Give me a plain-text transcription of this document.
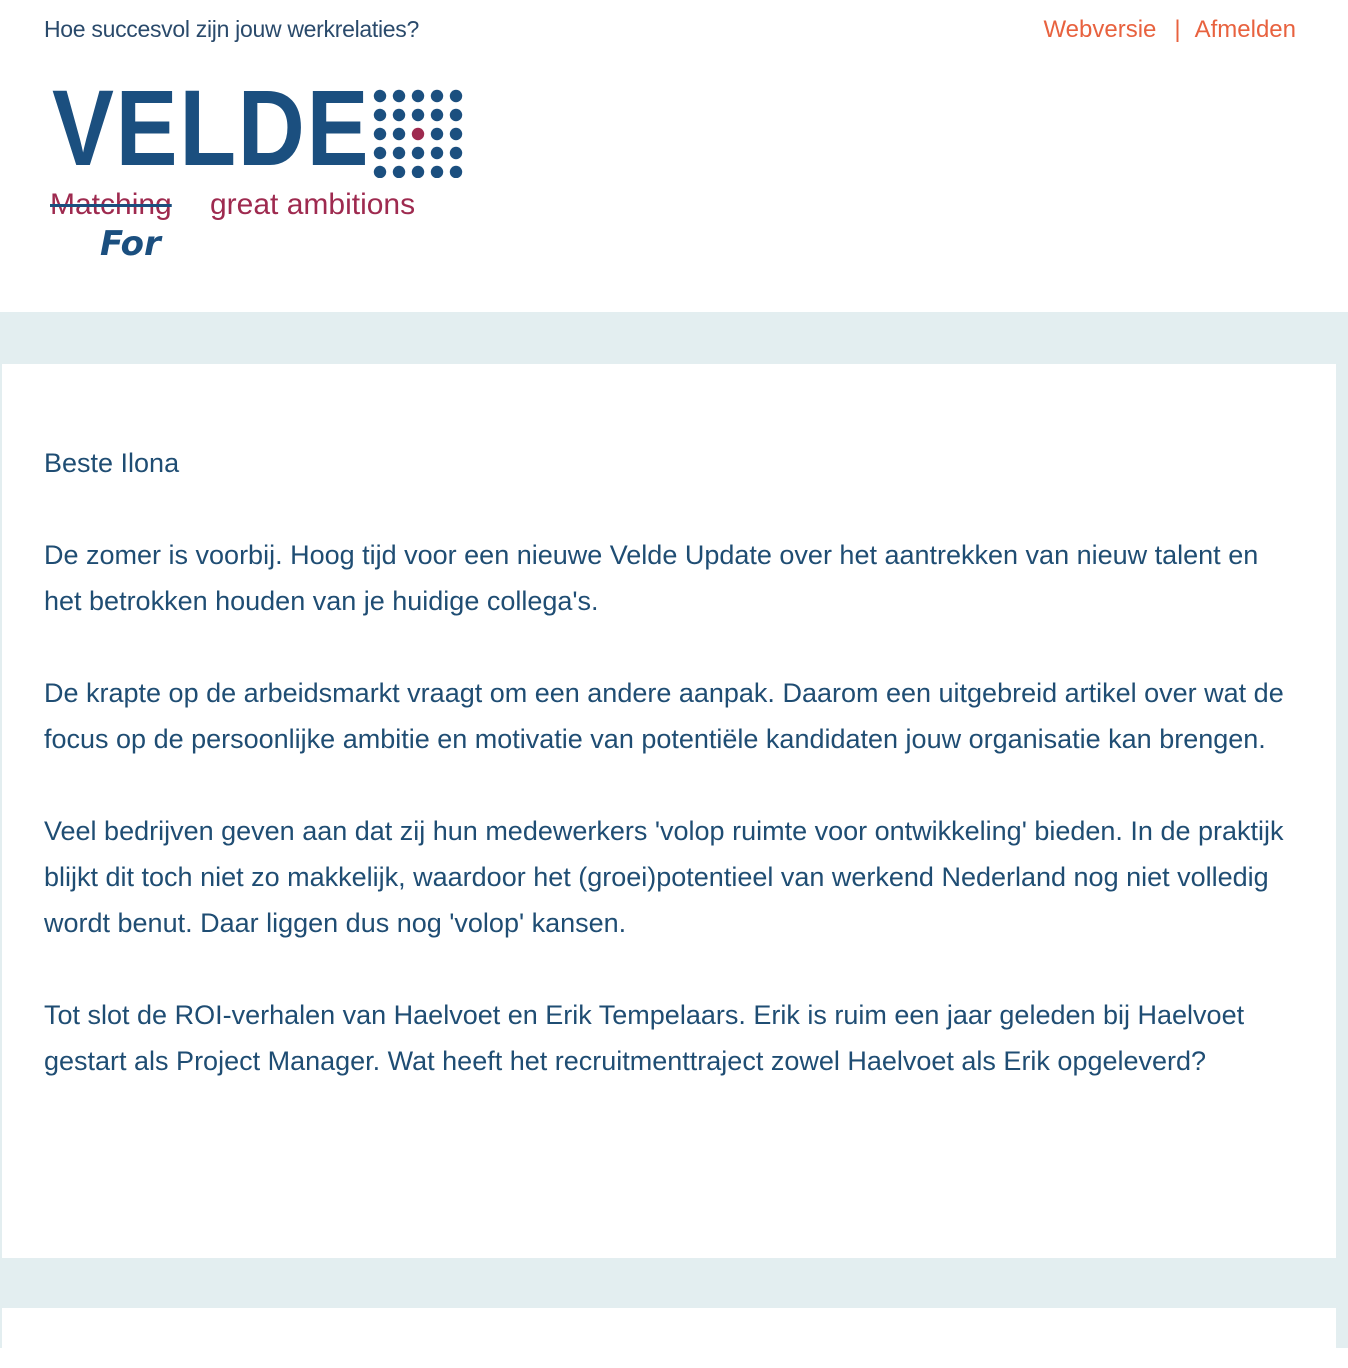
Hoe succesvol zijn jouw werkrelaties?	Webversie | Afmelden
VELDE
Matching great ambitions
For

Beste Ilona

De zomer is voorbij. Hoog tijd voor een nieuwe Velde Update over het aantrekken van nieuw talent en het betrokken houden van je huidige collega's.

De krapte op de arbeidsmarkt vraagt om een andere aanpak. Daarom een uitgebreid artikel over wat de focus op de persoonlijke ambitie en motivatie van potentiële kandidaten jouw organisatie kan brengen.

Veel bedrijven geven aan dat zij hun medewerkers 'volop ruimte voor ontwikkeling' bieden. In de praktijk blijkt dit toch niet zo makkelijk, waardoor het (groei)potentieel van werkend Nederland nog niet volledig wordt benut. Daar liggen dus nog 'volop' kansen.

Tot slot de ROI-verhalen van Haelvoet en Erik Tempelaars. Erik is ruim een jaar geleden bij Haelvoet gestart als Project Manager. Wat heeft het recruitmenttraject zowel Haelvoet als Erik opgeleverd?
